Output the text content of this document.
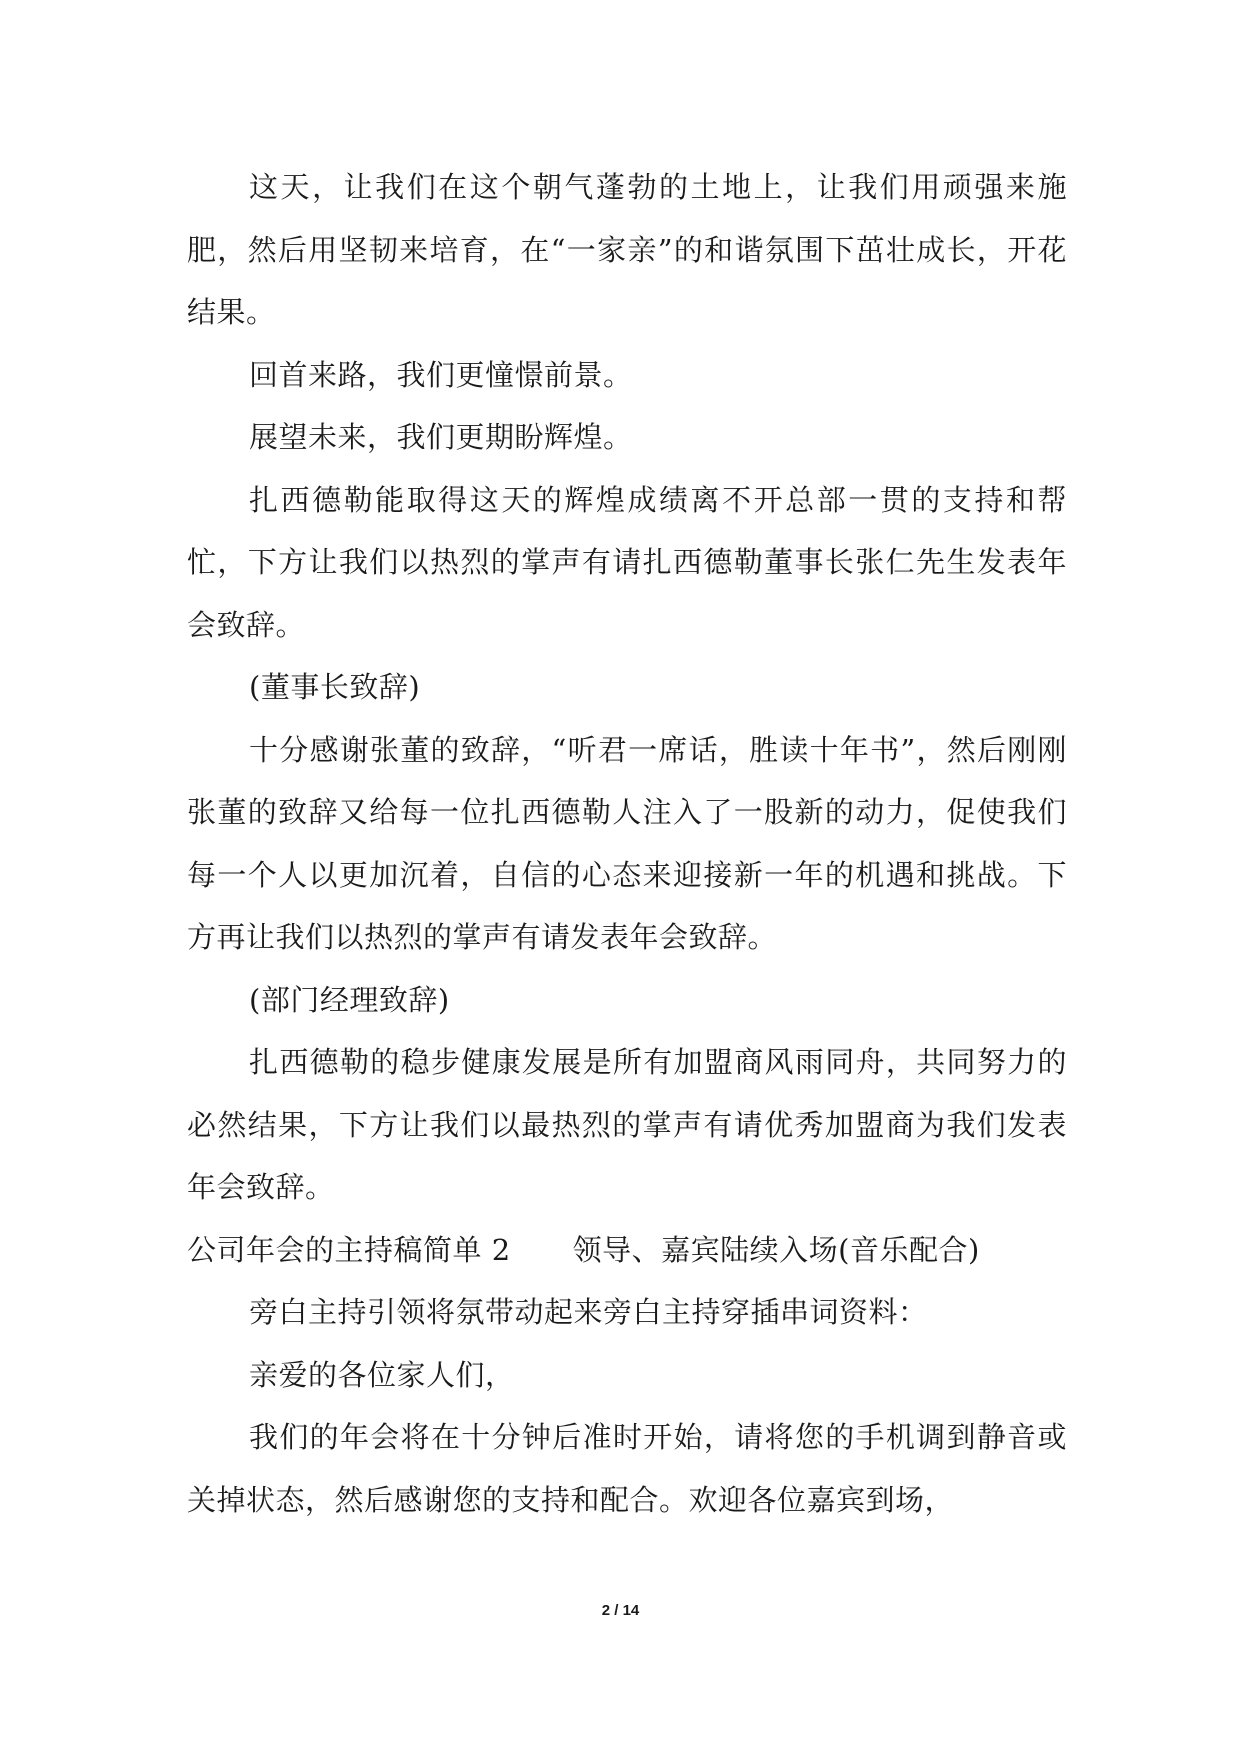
这天，让我们在这个朝气蓬勃的土地上，让我们用顽强来施肥，然后用坚韧来培育，在“一家亲”的和谐氛围下茁壮成长，开花结果。

回首来路，我们更憧憬前景。

展望未来，我们更期盼辉煌。

扎西德勒能取得这天的辉煌成绩离不开总部一贯的支持和帮忙，下方让我们以热烈的掌声有请扎西德勒董事长张仁先生发表年会致辞。

(董事长致辞)

十分感谢张董的致辞，“听君一席话，胜读十年书”，然后刚刚张董的致辞又给每一位扎西德勒人注入了一股新的动力，促使我们每一个人以更加沉着，自信的心态来迎接新一年的机遇和挑战。下方再让我们以热烈的掌声有请发表年会致辞。

(部门经理致辞)

扎西德勒的稳步健康发展是所有加盟商风雨同舟，共同努力的必然结果，下方让我们以最热烈的掌声有请优秀加盟商为我们发表年会致辞。

公司年会的主持稿简单 2 领导、嘉宾陆续入场(音乐配合)

旁白主持引领将氛带动起来旁白主持穿插串词资料：

亲爱的各位家人们，

我们的年会将在十分钟后准时开始，请将您的手机调到静音或关掉状态，然后感谢您的支持和配合。欢迎各位嘉宾到场，

2 / 14
